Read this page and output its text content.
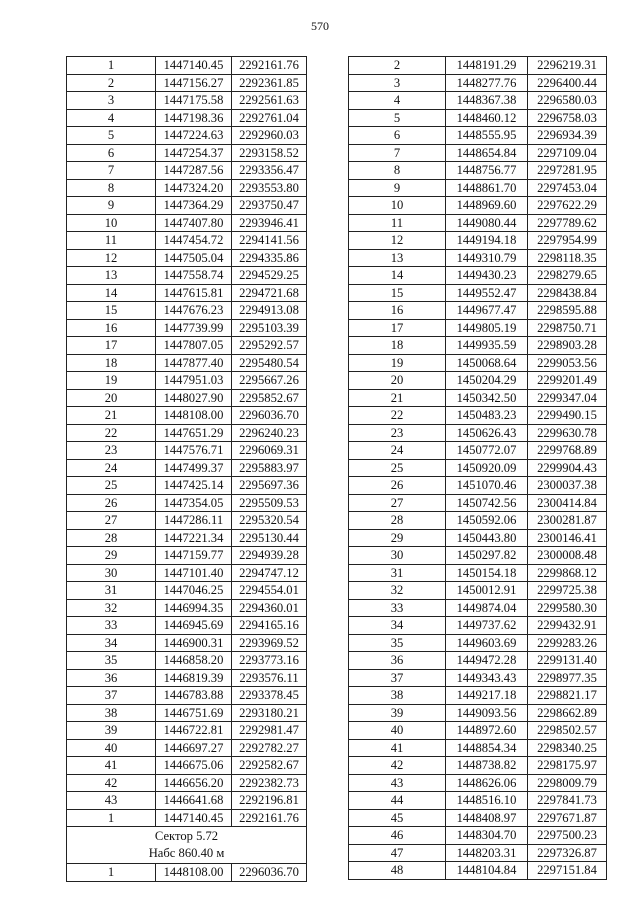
570
1	1447140.45	2292161.76
2	1447156.27	2292361.85
3	1447175.58	2292561.63
4	1447198.36	2292761.04
5	1447224.63	2292960.03
6	1447254.37	2293158.52
7	1447287.56	2293356.47
8	1447324.20	2293553.80
9	1447364.29	2293750.47
10	1447407.80	2293946.41
11	1447454.72	2294141.56
12	1447505.04	2294335.86
13	1447558.74	2294529.25
14	1447615.81	2294721.68
15	1447676.23	2294913.08
16	1447739.99	2295103.39
17	1447807.05	2295292.57
18	1447877.40	2295480.54
19	1447951.03	2295667.26
20	1448027.90	2295852.67
21	1448108.00	2296036.70
22	1447651.29	2296240.23
23	1447576.71	2296069.31
24	1447499.37	2295883.97
25	1447425.14	2295697.36
26	1447354.05	2295509.53
27	1447286.11	2295320.54
28	1447221.34	2295130.44
29	1447159.77	2294939.28
30	1447101.40	2294747.12
31	1447046.25	2294554.01
32	1446994.35	2294360.01
33	1446945.69	2294165.16
34	1446900.31	2293969.52
35	1446858.20	2293773.16
36	1446819.39	2293576.11
37	1446783.88	2293378.45
38	1446751.69	2293180.21
39	1446722.81	2292981.47
40	1446697.27	2292782.27
41	1446675.06	2292582.67
42	1446656.20	2292382.73
43	1446641.68	2292196.81
1	1447140.45	2292161.76

Сектор 5.72
Набс 860.40 м		

1	1448108.00	2296036.70
2	1448191.29	2296219.31
3	1448277.76	2296400.44
4	1448367.38	2296580.03
5	1448460.12	2296758.03
6	1448555.95	2296934.39
7	1448654.84	2297109.04
8	1448756.77	2297281.95
9	1448861.70	2297453.04
10	1448969.60	2297622.29
11	1449080.44	2297789.62
12	1449194.18	2297954.99
13	1449310.79	2298118.35
14	1449430.23	2298279.65
15	1449552.47	2298438.84
16	1449677.47	2298595.88
17	1449805.19	2298750.71
18	1449935.59	2298903.28
19	1450068.64	2299053.56
20	1450204.29	2299201.49
21	1450342.50	2299347.04
22	1450483.23	2299490.15
23	1450626.43	2299630.78
24	1450772.07	2299768.89
25	1450920.09	2299904.43
26	1451070.46	2300037.38
27	1450742.56	2300414.84
28	1450592.06	2300281.87
29	1450443.80	2300146.41
30	1450297.82	2300008.48
31	1450154.18	2299868.12
32	1450012.91	2299725.38
33	1449874.04	2299580.30
34	1449737.62	2299432.91
35	1449603.69	2299283.26
36	1449472.28	2299131.40
37	1449343.43	2298977.35
38	1449217.18	2298821.17
39	1449093.56	2298662.89
40	1448972.60	2298502.57
41	1448854.34	2298340.25
42	1448738.82	2298175.97
43	1448626.06	2298009.79
44	1448516.10	2297841.73
45	1448408.97	2297671.87
46	1448304.70	2297500.23
47	1448203.31	2297326.87
48	1448104.84	2297151.84
